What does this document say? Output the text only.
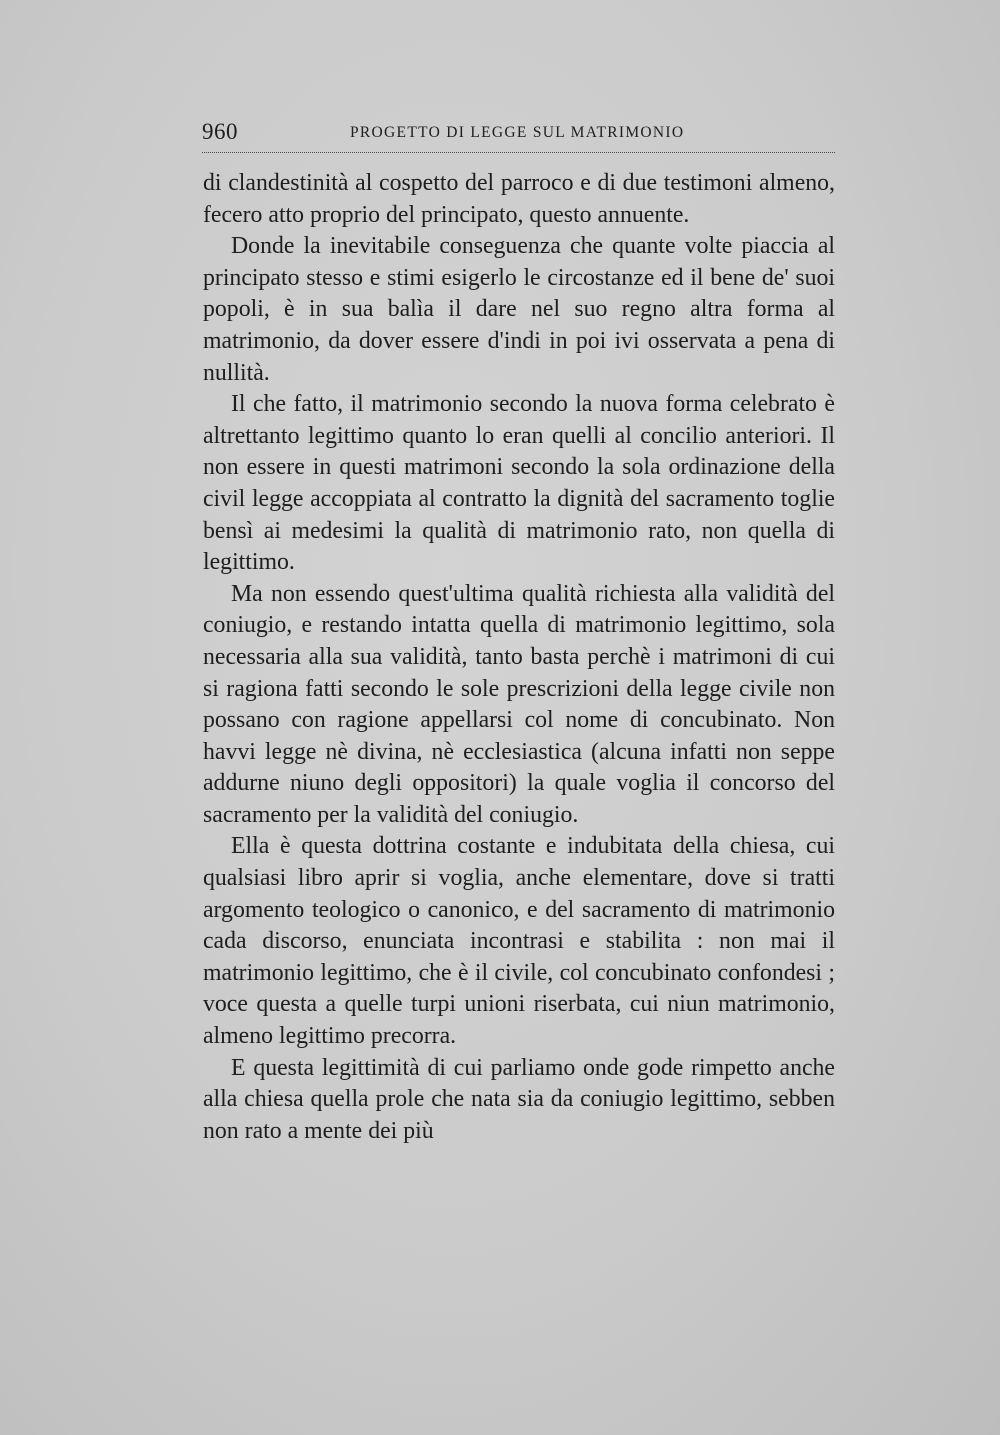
960	PROGETTO DI LEGGE SUL MATRIMONIO

di clandestinità al cospetto del parroco e di due testimoni almeno, fecero atto proprio del principato, questo annuente.

Donde la inevitabile conseguenza che quante volte piaccia al principato stesso e stimi esigerlo le circostanze ed il bene de' suoi popoli, è in sua balìa il dare nel suo regno altra forma al matrimonio, da dover essere d'indi in poi ivi osservata a pena di nullità.

Il che fatto, il matrimonio secondo la nuova forma celebrato è altrettanto legittimo quanto lo eran quelli al concilio anteriori. Il non essere in questi matrimoni secondo la sola ordinazione della civil legge accoppiata al contratto la dignità del sacramento toglie bensì ai medesimi la qualità di matrimonio rato, non quella di legittimo.

Ma non essendo quest'ultima qualità richiesta alla validità del coniugio, e restando intatta quella di matrimonio legittimo, sola necessaria alla sua validità, tanto basta perchè i matrimoni di cui si ragiona fatti secondo le sole prescrizioni della legge civile non possano con ragione appellarsi col nome di concubinato. Non havvi legge nè divina, nè ecclesiastica (alcuna infatti non seppe addurne niuno degli oppositori) la quale voglia il concorso del sacramento per la validità del coniugio.

Ella è questa dottrina costante e indubitata della chiesa, cui qualsiasi libro aprir si voglia, anche elementare, dove si tratti argomento teologico o canonico, e del sacramento di matrimonio cada discorso, enunciata incontrasi e stabilita : non mai il matrimonio legittimo, che è il civile, col concubinato confondesi ; voce questa a quelle turpi unioni riserbata, cui niun matrimonio, almeno legittimo precorra.

E questa legittimità di cui parliamo onde gode rimpetto anche alla chiesa quella prole che nata sia da coniugio legittimo, sebben non rato a mente dei più
